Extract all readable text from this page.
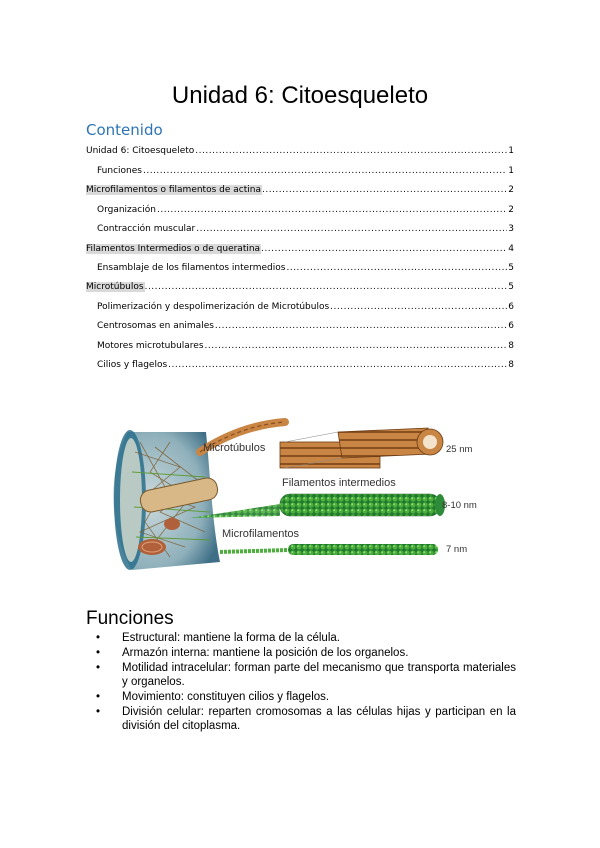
Unidad 6: Citoesqueleto
Contenido
Unidad 6: Citoesqueleto .....	1
Funciones .....	1
Microfilamentos o filamentos de actina .....	2
Organización .....	2
Contracción muscular .....	3
Filamentos Intermedios o de queratina .....	4
Ensamblaje de los filamentos intermedios .....	5
Microtúbulos .....	5
Polimerización y despolimerización de Microtúbulos .....	6
Centrosomas en animales .....	6
Motores microtubulares .....	8
Cilios y flagelos .....	8
Microtúbulos
Filamentos intermedios
Microfilamentos
25 nm
8-10 nm
7 nm
Funciones
• Estructural: mantiene la forma de la célula.
• Armazón interna: mantiene la posición de los organelos.
• Motilidad intracelular: forman parte del mecanismo que transporta materiales y organelos.
• Movimiento: constituyen cilios y flagelos.
• División celular: reparten cromosomas a las células hijas y participan en la división del citoplasma.
